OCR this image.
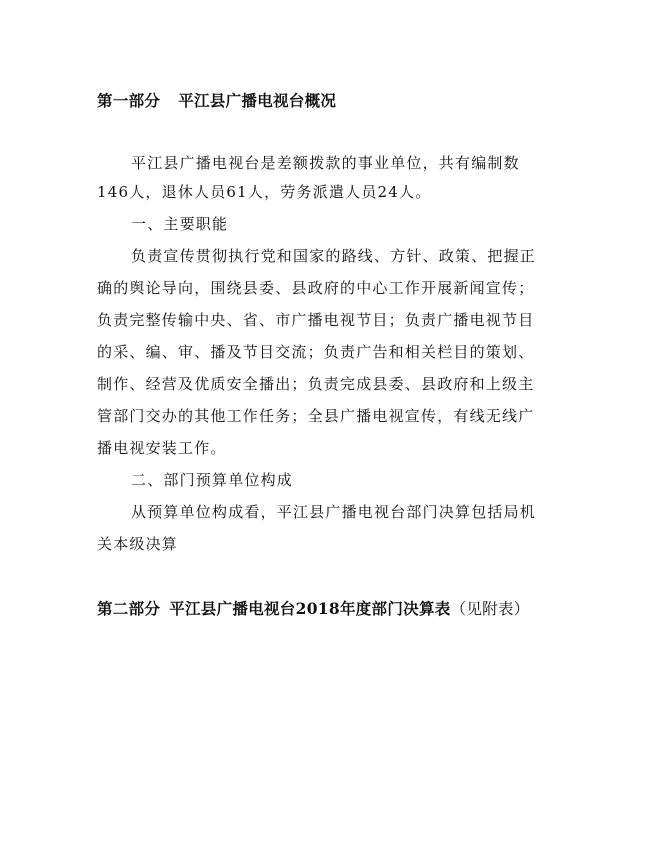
第一部分 平江县广播电视台概况
平江县广播电视台是差额拨款的事业单位，共有编制数
146人，退休人员61人，劳务派遣人员24人。
一、主要职能
负责宣传贯彻执行党和国家的路线、方针、政策、把握正
确的舆论导向，围绕县委、县政府的中心工作开展新闻宣传；
负责完整传输中央、省、市广播电视节目；负责广播电视节目
的采、编、审、播及节目交流；负责广告和相关栏目的策划、
制作、经营及优质安全播出；负责完成县委、县政府和上级主
管部门交办的其他工作任务；全县广播电视宣传，有线无线广
播电视安装工作。
二、部门预算单位构成
从预算单位构成看，平江县广播电视台部门决算包括局机
关本级决算
第二部分 平江县广播电视台2018年度部门决算表（见附表）
